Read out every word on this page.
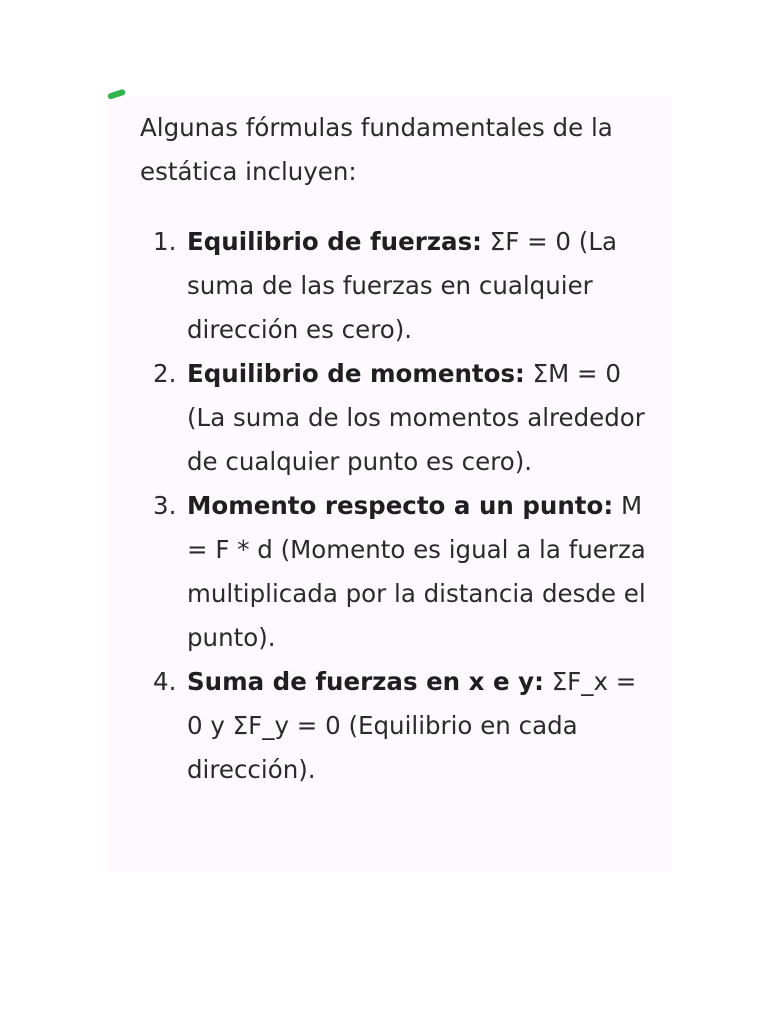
Algunas fórmulas fundamentales de la estática incluyen:

1. Equilibrio de fuerzas: ΣF = 0 (La suma de las fuerzas en cualquier dirección es cero).
2. Equilibrio de momentos: ΣM = 0 (La suma de los momentos alrededor de cualquier punto es cero).
3. Momento respecto a un punto: M = F * d (Momento es igual a la fuerza multiplicada por la distancia desde el punto).
4. Suma de fuerzas en x e y: ΣF_x = 0 y ΣF_y = 0 (Equilibrio en cada dirección).
